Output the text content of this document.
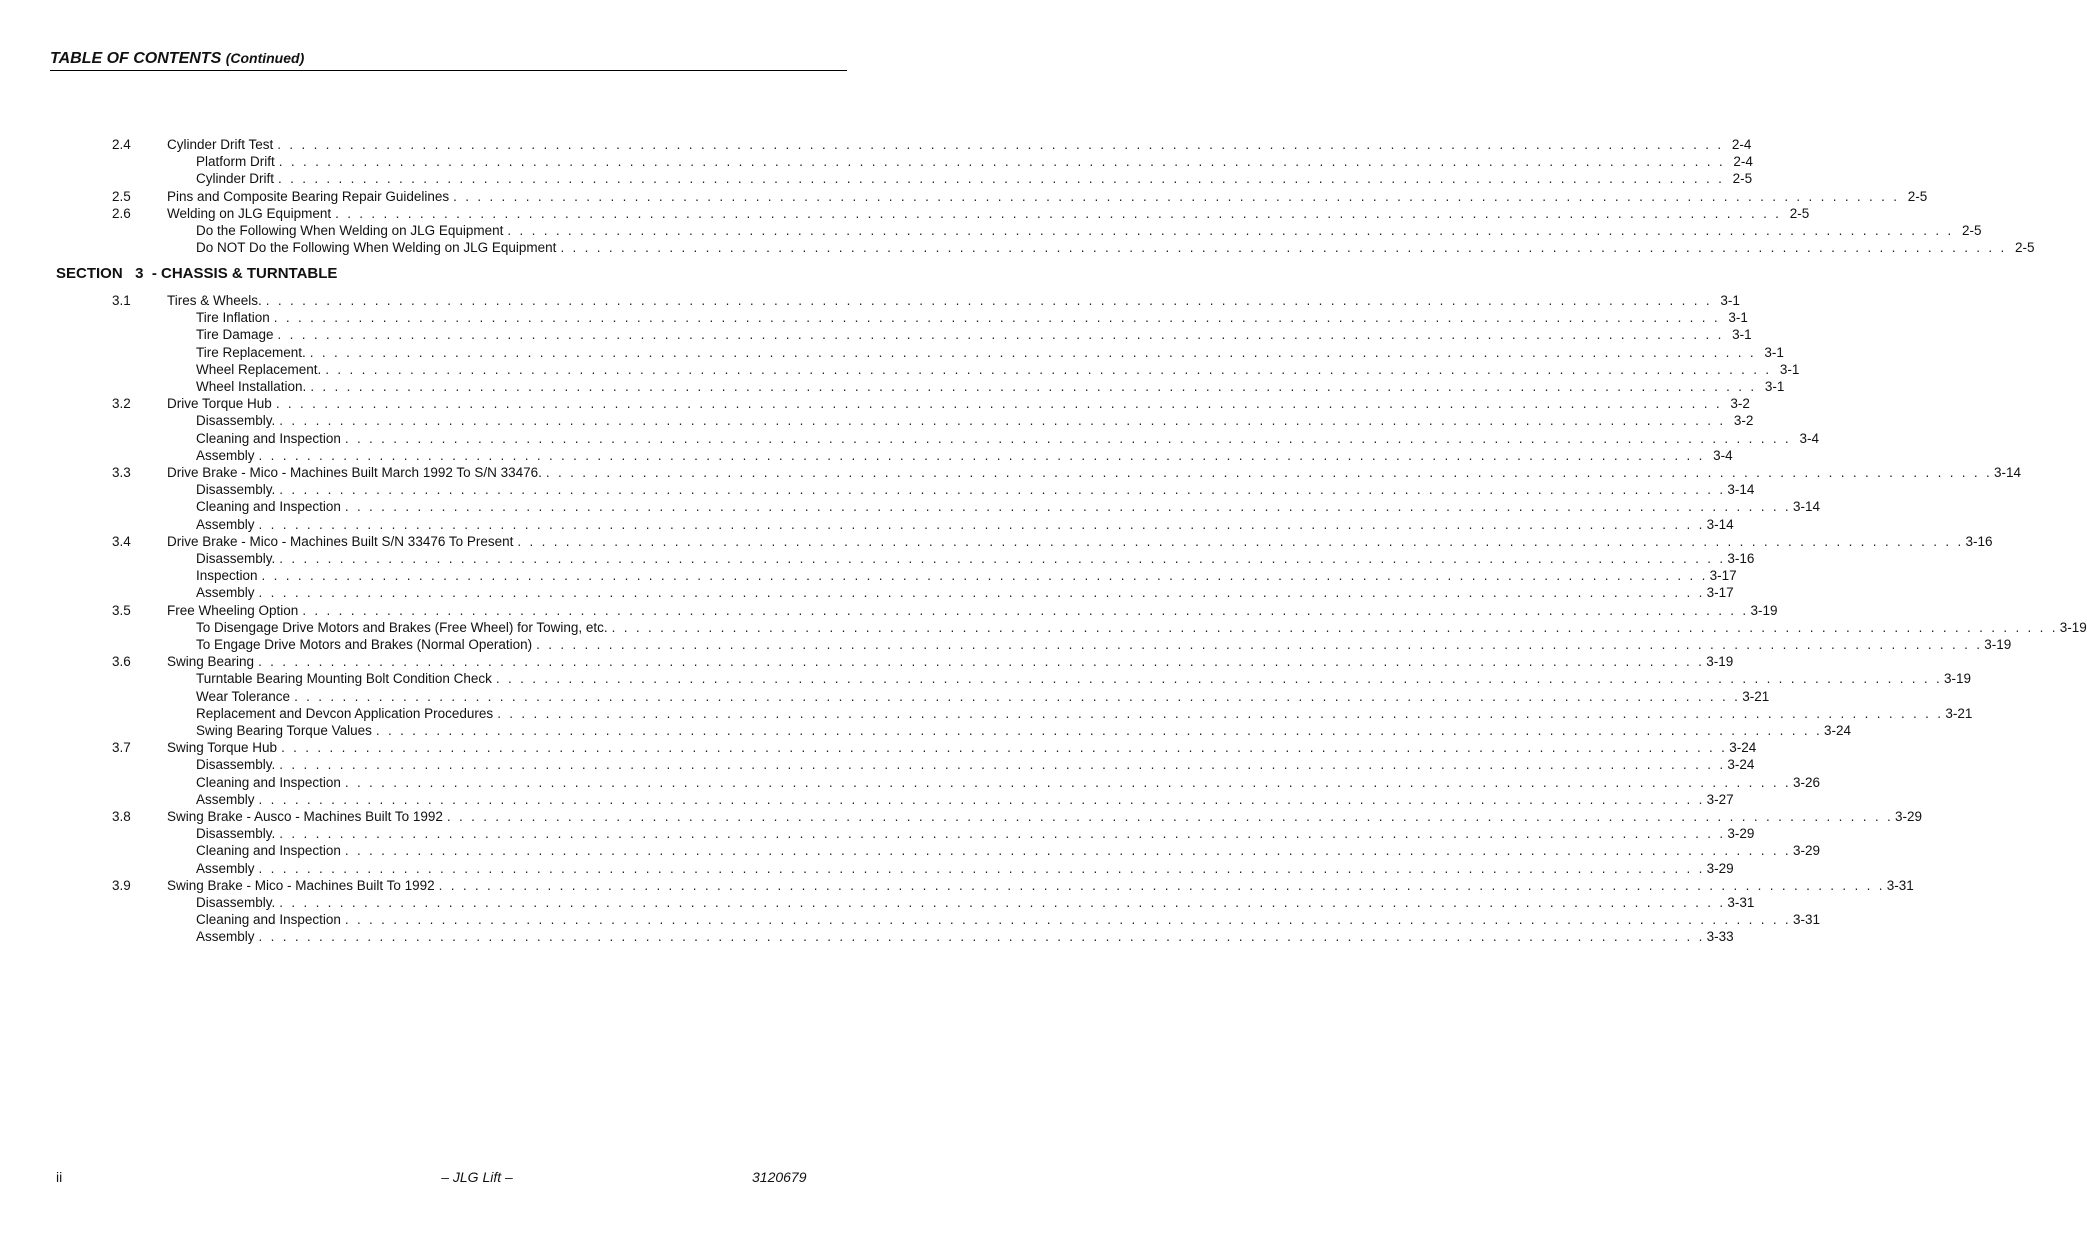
TABLE OF CONTENTS (Continued)
SECTION   3  - CHASSIS & TURNTABLE
2.4	Cylinder Drift Test . . . . . . . . . . . . . . . . . . . . . . . . . . . . . . . . . . . . . . . . . . . . . . . . . . . . . . . . . . . . . . . . . . . . . . . . . . . . . . . . . . . . . . . . . . . . . . . . . . . . . . . . . . . . . . . . . . . . . . . . 2-4
Platform Drift . . . . . . . . . . . . . . . . . . . . . . . . . . . . . . . . . . . . . . . . . . . . . . . . . . . . . . . . . . . . . . . . . . . . . . . . . . . . . . . . . . . . . . . . . . . . . . . . . . . . . . . . . . . . . . . . . . . . . . . . 2-4
Cylinder Drift . . . . . . . . . . . . . . . . . . . . . . . . . . . . . . . . . . . . . . . . . . . . . . . . . . . . . . . . . . . . . . . . . . . . . . . . . . . . . . . . . . . . . . . . . . . . . . . . . . . . . . . . . . . . . . . . . . . . . . . . 2-5
2.5	Pins and Composite Bearing Repair Guidelines . . . . . . . . . . . . . . . . . . . . . . . . . . . . . . . . . . . . . . . . . . . . . . . . . . . . . . . . . . . . . . . . . . . . . . . . . . . . . . . . . . . . . . . . . . . . . . . . . . . . . . . . . . . . . . . . . . . . . . . . 2-5
2.6	Welding on JLG Equipment . . . . . . . . . . . . . . . . . . . . . . . . . . . . . . . . . . . . . . . . . . . . . . . . . . . . . . . . . . . . . . . . . . . . . . . . . . . . . . . . . . . . . . . . . . . . . . . . . . . . . . . . . . . . . . . . . . . . . . . . 2-5
Do the Following When Welding on JLG Equipment . . . . . . . . . . . . . . . . . . . . . . . . . . . . . . . . . . . . . . . . . . . . . . . . . . . . . . . . . . . . . . . . . . . . . . . . . . . . . . . . . . . . . . . . . . . . . . . . . . . . . . . . . . . . . . . . . . . . . . . . 2-5
Do NOT Do the Following When Welding on JLG Equipment . . . . . . . . . . . . . . . . . . . . . . . . . . . . . . . . . . . . . . . . . . . . . . . . . . . . . . . . . . . . . . . . . . . . . . . . . . . . . . . . . . . . . . . . . . . . . . . . . . . . . . . . . . . . . . . . . . . . . . . . 2-5
3.1	Tires & Wheels. . . . . . . . . . . . . . . . . . . . . . . . . . . . . . . . . . . . . . . . . . . . . . . . . . . . . . . . . . . . . . . . . . . . . . . . . . . . . . . . . . . . . . . . . . . . . . . . . . . . . . . . . . . . . . . . . . . . . . . . . 3-1
Tire Inflation . . . . . . . . . . . . . . . . . . . . . . . . . . . . . . . . . . . . . . . . . . . . . . . . . . . . . . . . . . . . . . . . . . . . . . . . . . . . . . . . . . . . . . . . . . . . . . . . . . . . . . . . . . . . . . . . . . . . . . . . 3-1
Tire Damage . . . . . . . . . . . . . . . . . . . . . . . . . . . . . . . . . . . . . . . . . . . . . . . . . . . . . . . . . . . . . . . . . . . . . . . . . . . . . . . . . . . . . . . . . . . . . . . . . . . . . . . . . . . . . . . . . . . . . . . . 3-1
Tire Replacement. . . . . . . . . . . . . . . . . . . . . . . . . . . . . . . . . . . . . . . . . . . . . . . . . . . . . . . . . . . . . . . . . . . . . . . . . . . . . . . . . . . . . . . . . . . . . . . . . . . . . . . . . . . . . . . . . . . . . . . . . 3-1
Wheel Replacement. . . . . . . . . . . . . . . . . . . . . . . . . . . . . . . . . . . . . . . . . . . . . . . . . . . . . . . . . . . . . . . . . . . . . . . . . . . . . . . . . . . . . . . . . . . . . . . . . . . . . . . . . . . . . . . . . . . . . . . . . 3-1
Wheel Installation. . . . . . . . . . . . . . . . . . . . . . . . . . . . . . . . . . . . . . . . . . . . . . . . . . . . . . . . . . . . . . . . . . . . . . . . . . . . . . . . . . . . . . . . . . . . . . . . . . . . . . . . . . . . . . . . . . . . . . . . . 3-1
3.2	Drive Torque Hub . . . . . . . . . . . . . . . . . . . . . . . . . . . . . . . . . . . . . . . . . . . . . . . . . . . . . . . . . . . . . . . . . . . . . . . . . . . . . . . . . . . . . . . . . . . . . . . . . . . . . . . . . . . . . . . . . . . . . . . . 3-2
Disassembly. . . . . . . . . . . . . . . . . . . . . . . . . . . . . . . . . . . . . . . . . . . . . . . . . . . . . . . . . . . . . . . . . . . . . . . . . . . . . . . . . . . . . . . . . . . . . . . . . . . . . . . . . . . . . . . . . . . . . . . . . 3-2
Cleaning and Inspection . . . . . . . . . . . . . . . . . . . . . . . . . . . . . . . . . . . . . . . . . . . . . . . . . . . . . . . . . . . . . . . . . . . . . . . . . . . . . . . . . . . . . . . . . . . . . . . . . . . . . . . . . . . . . . . . . . . . . . . . 3-4
Assembly . . . . . . . . . . . . . . . . . . . . . . . . . . . . . . . . . . . . . . . . . . . . . . . . . . . . . . . . . . . . . . . . . . . . . . . . . . . . . . . . . . . . . . . . . . . . . . . . . . . . . . . . . . . . . . . . . . . . . . . . 3-4
3.3	Drive Brake - Mico - Machines Built March 1992 To S/N 33476. . . . . . . . . . . . . . . . . . . . . . . . . . . . . . . . . . . . . . . . . . . . . . . . . . . . . . . . . . . . . . . . . . . . . . . . . . . . . . . . . . . . . . . . . . . . . . . . . . . . . . . . . . . . . . . . . . . . . . . . . 3-14
Disassembly. . . . . . . . . . . . . . . . . . . . . . . . . . . . . . . . . . . . . . . . . . . . . . . . . . . . . . . . . . . . . . . . . . . . . . . . . . . . . . . . . . . . . . . . . . . . . . . . . . . . . . . . . . . . . . . . . . . . . . . . . 3-14
Cleaning and Inspection . . . . . . . . . . . . . . . . . . . . . . . . . . . . . . . . . . . . . . . . . . . . . . . . . . . . . . . . . . . . . . . . . . . . . . . . . . . . . . . . . . . . . . . . . . . . . . . . . . . . . . . . . . . . . . . . . . . . . . . . 3-14
Assembly . . . . . . . . . . . . . . . . . . . . . . . . . . . . . . . . . . . . . . . . . . . . . . . . . . . . . . . . . . . . . . . . . . . . . . . . . . . . . . . . . . . . . . . . . . . . . . . . . . . . . . . . . . . . . . . . . . . . . . . . 3-14
3.4	Drive Brake - Mico - Machines Built S/N 33476 To Present . . . . . . . . . . . . . . . . . . . . . . . . . . . . . . . . . . . . . . . . . . . . . . . . . . . . . . . . . . . . . . . . . . . . . . . . . . . . . . . . . . . . . . . . . . . . . . . . . . . . . . . . . . . . . . . . . . . . . . . . 3-16
Disassembly. . . . . . . . . . . . . . . . . . . . . . . . . . . . . . . . . . . . . . . . . . . . . . . . . . . . . . . . . . . . . . . . . . . . . . . . . . . . . . . . . . . . . . . . . . . . . . . . . . . . . . . . . . . . . . . . . . . . . . . . . 3-16
Inspection . . . . . . . . . . . . . . . . . . . . . . . . . . . . . . . . . . . . . . . . . . . . . . . . . . . . . . . . . . . . . . . . . . . . . . . . . . . . . . . . . . . . . . . . . . . . . . . . . . . . . . . . . . . . . . . . . . . . . . . . 3-17
Assembly . . . . . . . . . . . . . . . . . . . . . . . . . . . . . . . . . . . . . . . . . . . . . . . . . . . . . . . . . . . . . . . . . . . . . . . . . . . . . . . . . . . . . . . . . . . . . . . . . . . . . . . . . . . . . . . . . . . . . . . . 3-17
3.5	Free Wheeling Option . . . . . . . . . . . . . . . . . . . . . . . . . . . . . . . . . . . . . . . . . . . . . . . . . . . . . . . . . . . . . . . . . . . . . . . . . . . . . . . . . . . . . . . . . . . . . . . . . . . . . . . . . . . . . . . . . . . . . . . . 3-19
To Disengage Drive Motors and Brakes (Free Wheel) for Towing, etc. . . . . . . . . . . . . . . . . . . . . . . . . . . . . . . . . . . . . . . . . . . . . . . . . . . . . . . . . . . . . . . . . . . . . . . . . . . . . . . . . . . . . . . . . . . . . . . . . . . . . . . . . . . . . . . . . . . . . . . . . 3-19
To Engage Drive Motors and Brakes (Normal Operation) . . . . . . . . . . . . . . . . . . . . . . . . . . . . . . . . . . . . . . . . . . . . . . . . . . . . . . . . . . . . . . . . . . . . . . . . . . . . . . . . . . . . . . . . . . . . . . . . . . . . . . . . . . . . . . . . . . . . . . . . 3-19
3.6	Swing Bearing . . . . . . . . . . . . . . . . . . . . . . . . . . . . . . . . . . . . . . . . . . . . . . . . . . . . . . . . . . . . . . . . . . . . . . . . . . . . . . . . . . . . . . . . . . . . . . . . . . . . . . . . . . . . . . . . . . . . . . . . 3-19
Turntable Bearing Mounting Bolt Condition Check . . . . . . . . . . . . . . . . . . . . . . . . . . . . . . . . . . . . . . . . . . . . . . . . . . . . . . . . . . . . . . . . . . . . . . . . . . . . . . . . . . . . . . . . . . . . . . . . . . . . . . . . . . . . . . . . . . . . . . . . 3-19
Wear Tolerance . . . . . . . . . . . . . . . . . . . . . . . . . . . . . . . . . . . . . . . . . . . . . . . . . . . . . . . . . . . . . . . . . . . . . . . . . . . . . . . . . . . . . . . . . . . . . . . . . . . . . . . . . . . . . . . . . . . . . . . . 3-21
Replacement and Devcon Application Procedures . . . . . . . . . . . . . . . . . . . . . . . . . . . . . . . . . . . . . . . . . . . . . . . . . . . . . . . . . . . . . . . . . . . . . . . . . . . . . . . . . . . . . . . . . . . . . . . . . . . . . . . . . . . . . . . . . . . . . . . . 3-21
Swing Bearing Torque Values . . . . . . . . . . . . . . . . . . . . . . . . . . . . . . . . . . . . . . . . . . . . . . . . . . . . . . . . . . . . . . . . . . . . . . . . . . . . . . . . . . . . . . . . . . . . . . . . . . . . . . . . . . . . . . . . . . . . . . . . 3-24
3.7	Swing Torque Hub . . . . . . . . . . . . . . . . . . . . . . . . . . . . . . . . . . . . . . . . . . . . . . . . . . . . . . . . . . . . . . . . . . . . . . . . . . . . . . . . . . . . . . . . . . . . . . . . . . . . . . . . . . . . . . . . . . . . . . . . 3-24
Disassembly. . . . . . . . . . . . . . . . . . . . . . . . . . . . . . . . . . . . . . . . . . . . . . . . . . . . . . . . . . . . . . . . . . . . . . . . . . . . . . . . . . . . . . . . . . . . . . . . . . . . . . . . . . . . . . . . . . . . . . . . . 3-24
Cleaning and Inspection . . . . . . . . . . . . . . . . . . . . . . . . . . . . . . . . . . . . . . . . . . . . . . . . . . . . . . . . . . . . . . . . . . . . . . . . . . . . . . . . . . . . . . . . . . . . . . . . . . . . . . . . . . . . . . . . . . . . . . . . 3-26
Assembly . . . . . . . . . . . . . . . . . . . . . . . . . . . . . . . . . . . . . . . . . . . . . . . . . . . . . . . . . . . . . . . . . . . . . . . . . . . . . . . . . . . . . . . . . . . . . . . . . . . . . . . . . . . . . . . . . . . . . . . . 3-27
3.8	Swing Brake - Ausco - Machines Built To 1992 . . . . . . . . . . . . . . . . . . . . . . . . . . . . . . . . . . . . . . . . . . . . . . . . . . . . . . . . . . . . . . . . . . . . . . . . . . . . . . . . . . . . . . . . . . . . . . . . . . . . . . . . . . . . . . . . . . . . . . . . 3-29
Disassembly. . . . . . . . . . . . . . . . . . . . . . . . . . . . . . . . . . . . . . . . . . . . . . . . . . . . . . . . . . . . . . . . . . . . . . . . . . . . . . . . . . . . . . . . . . . . . . . . . . . . . . . . . . . . . . . . . . . . . . . . . 3-29
Cleaning and Inspection . . . . . . . . . . . . . . . . . . . . . . . . . . . . . . . . . . . . . . . . . . . . . . . . . . . . . . . . . . . . . . . . . . . . . . . . . . . . . . . . . . . . . . . . . . . . . . . . . . . . . . . . . . . . . . . . . . . . . . . . 3-29
Assembly . . . . . . . . . . . . . . . . . . . . . . . . . . . . . . . . . . . . . . . . . . . . . . . . . . . . . . . . . . . . . . . . . . . . . . . . . . . . . . . . . . . . . . . . . . . . . . . . . . . . . . . . . . . . . . . . . . . . . . . . 3-29
3.9	Swing Brake - Mico - Machines Built To 1992 . . . . . . . . . . . . . . . . . . . . . . . . . . . . . . . . . . . . . . . . . . . . . . . . . . . . . . . . . . . . . . . . . . . . . . . . . . . . . . . . . . . . . . . . . . . . . . . . . . . . . . . . . . . . . . . . . . . . . . . . 3-31
Disassembly. . . . . . . . . . . . . . . . . . . . . . . . . . . . . . . . . . . . . . . . . . . . . . . . . . . . . . . . . . . . . . . . . . . . . . . . . . . . . . . . . . . . . . . . . . . . . . . . . . . . . . . . . . . . . . . . . . . . . . . . . 3-31
Cleaning and Inspection . . . . . . . . . . . . . . . . . . . . . . . . . . . . . . . . . . . . . . . . . . . . . . . . . . . . . . . . . . . . . . . . . . . . . . . . . . . . . . . . . . . . . . . . . . . . . . . . . . . . . . . . . . . . . . . . . . . . . . . . 3-31
Assembly . . . . . . . . . . . . . . . . . . . . . . . . . . . . . . . . . . . . . . . . . . . . . . . . . . . . . . . . . . . . . . . . . . . . . . . . . . . . . . . . . . . . . . . . . . . . . . . . . . . . . . . . . . . . . . . . . . . . . . . . 3-33
ii	– JLG Lift –	3120679
